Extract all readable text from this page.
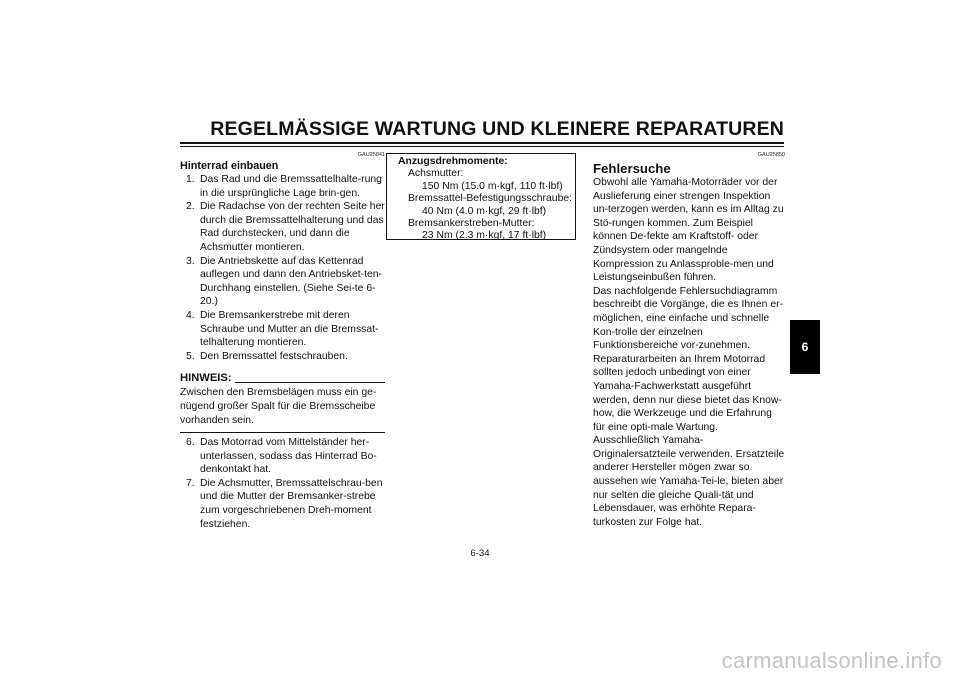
REGELMÄSSIGE WARTUNG UND KLEINERE REPARATUREN
GAU25841
Hinterrad einbauen
1. Das Rad und die Bremssattelhalte-rung in die ursprüngliche Lage brin-gen.
2. Die Radachse von der rechten Seite her durch die Bremssattelhalterung und das Rad durchstecken, und dann die Achsmutter montieren.
3. Die Antriebskette auf das Kettenrad auflegen und dann den Antriebsket-ten-Durchhang einstellen. (Siehe Sei-te 6-20.)
4. Die Bremsankerstrebe mit deren Schraube und Mutter an die Bremssat-telhalterung montieren.
5. Den Bremssattel festschrauben.
HINWEIS:
Zwischen den Bremsbelägen muss ein ge-nügend großer Spalt für die Bremsscheibe vorhanden sein.
6. Das Motorrad vom Mittelständer her-unterlassen, sodass das Hinterrad Bo-denkontakt hat.
7. Die Achsmutter, Bremssattelschrau-ben und die Mutter der Bremsanker-strebe zum vorgeschriebenen Dreh-moment festziehen.
Anzugsdrehmomente:
Achsmutter:
150 Nm (15.0 m·kgf, 110 ft·lbf)
Bremssattel-Befestigungsschraube:
40 Nm (4.0 m·kgf, 29 ft·lbf)
Bremsankerstreben-Mutter:
23 Nm (2.3 m·kgf, 17 ft·lbf)
GAU25850
Fehlersuche
Obwohl alle Yamaha-Motorräder vor der Auslieferung einer strengen Inspektion un-terzogen werden, kann es im Alltag zu Stö-rungen kommen. Zum Beispiel können De-fekte am Kraftstoff- oder Zündsystem oder mangelnde Kompression zu Anlassproble-men und Leistungseinbußen führen.
Das nachfolgende Fehlersuchdiagramm beschreibt die Vorgänge, die es Ihnen er-möglichen, eine einfache und schnelle Kon-trolle der einzelnen Funktionsbereiche vor-zunehmen. Reparaturarbeiten an Ihrem Motorrad sollten jedoch unbedingt von einer Yamaha-Fachwerkstatt ausgeführt werden, denn nur diese bietet das Know-how, die Werkzeuge und die Erfahrung für eine opti-male Wartung.
Ausschließlich Yamaha-Originalersatzteile verwenden. Ersatzteile anderer Hersteller mögen zwar so aussehen wie Yamaha-Tei-le, bieten aber nur selten die gleiche Quali-tät und Lebensdauer, was erhöhte Repara-turkosten zur Folge hat.
6
6-34
carmanualsonline.info
